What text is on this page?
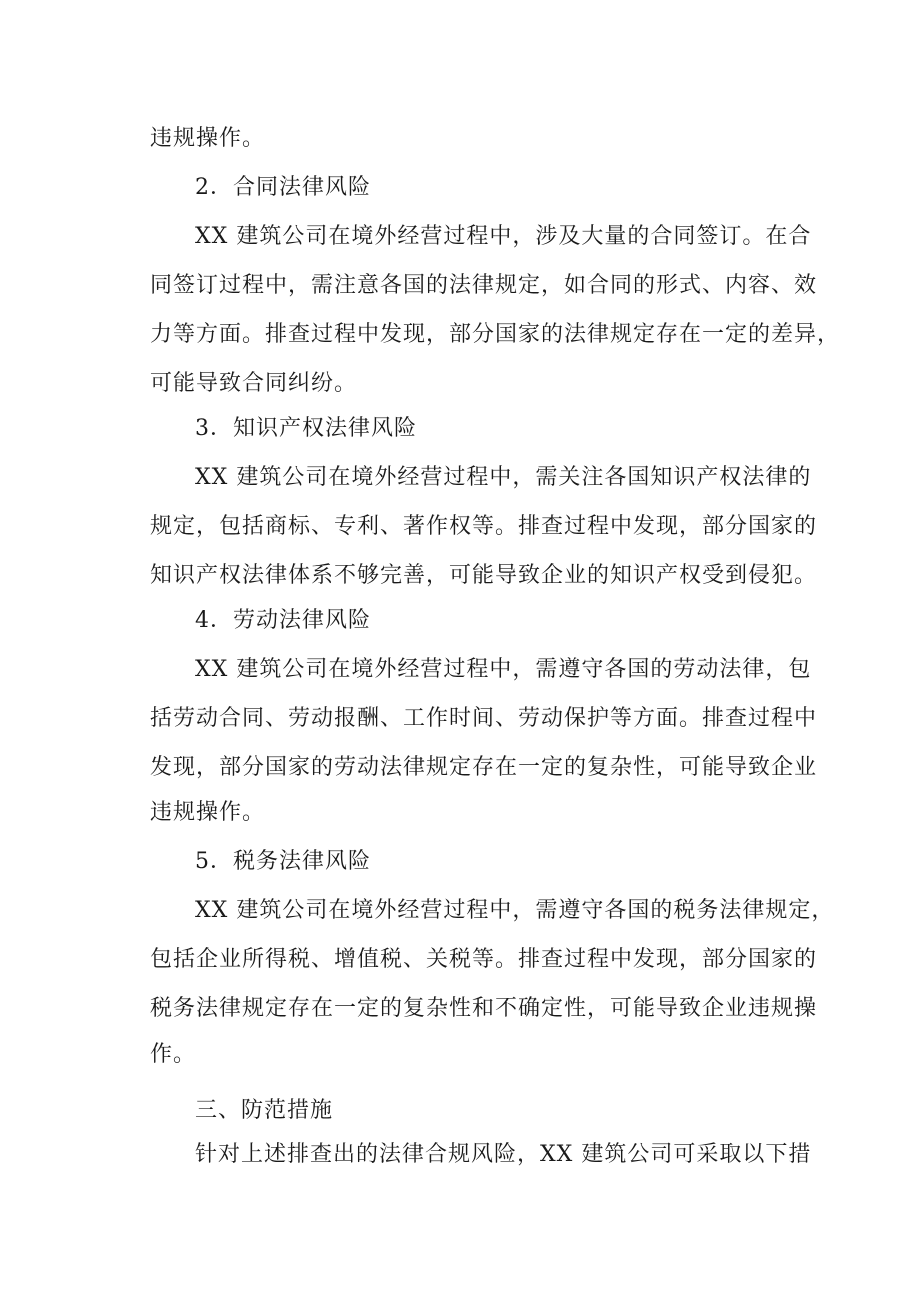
违规操作。
2．合同法律风险
XX 建筑公司在境外经营过程中，涉及大量的合同签订。在合
同签订过程中，需注意各国的法律规定，如合同的形式、内容、效
力等方面。排查过程中发现，部分国家的法律规定存在一定的差异，
可能导致合同纠纷。
3．知识产权法律风险
XX 建筑公司在境外经营过程中，需关注各国知识产权法律的
规定，包括商标、专利、著作权等。排查过程中发现，部分国家的
知识产权法律体系不够完善，可能导致企业的知识产权受到侵犯。
4．劳动法律风险
XX 建筑公司在境外经营过程中，需遵守各国的劳动法律，包
括劳动合同、劳动报酬、工作时间、劳动保护等方面。排查过程中
发现，部分国家的劳动法律规定存在一定的复杂性，可能导致企业
违规操作。
5．税务法律风险
XX 建筑公司在境外经营过程中，需遵守各国的税务法律规定，
包括企业所得税、增值税、关税等。排查过程中发现，部分国家的
税务法律规定存在一定的复杂性和不确定性，可能导致企业违规操
作。
三、防范措施
针对上述排查出的法律合规风险，XX 建筑公司可采取以下措
